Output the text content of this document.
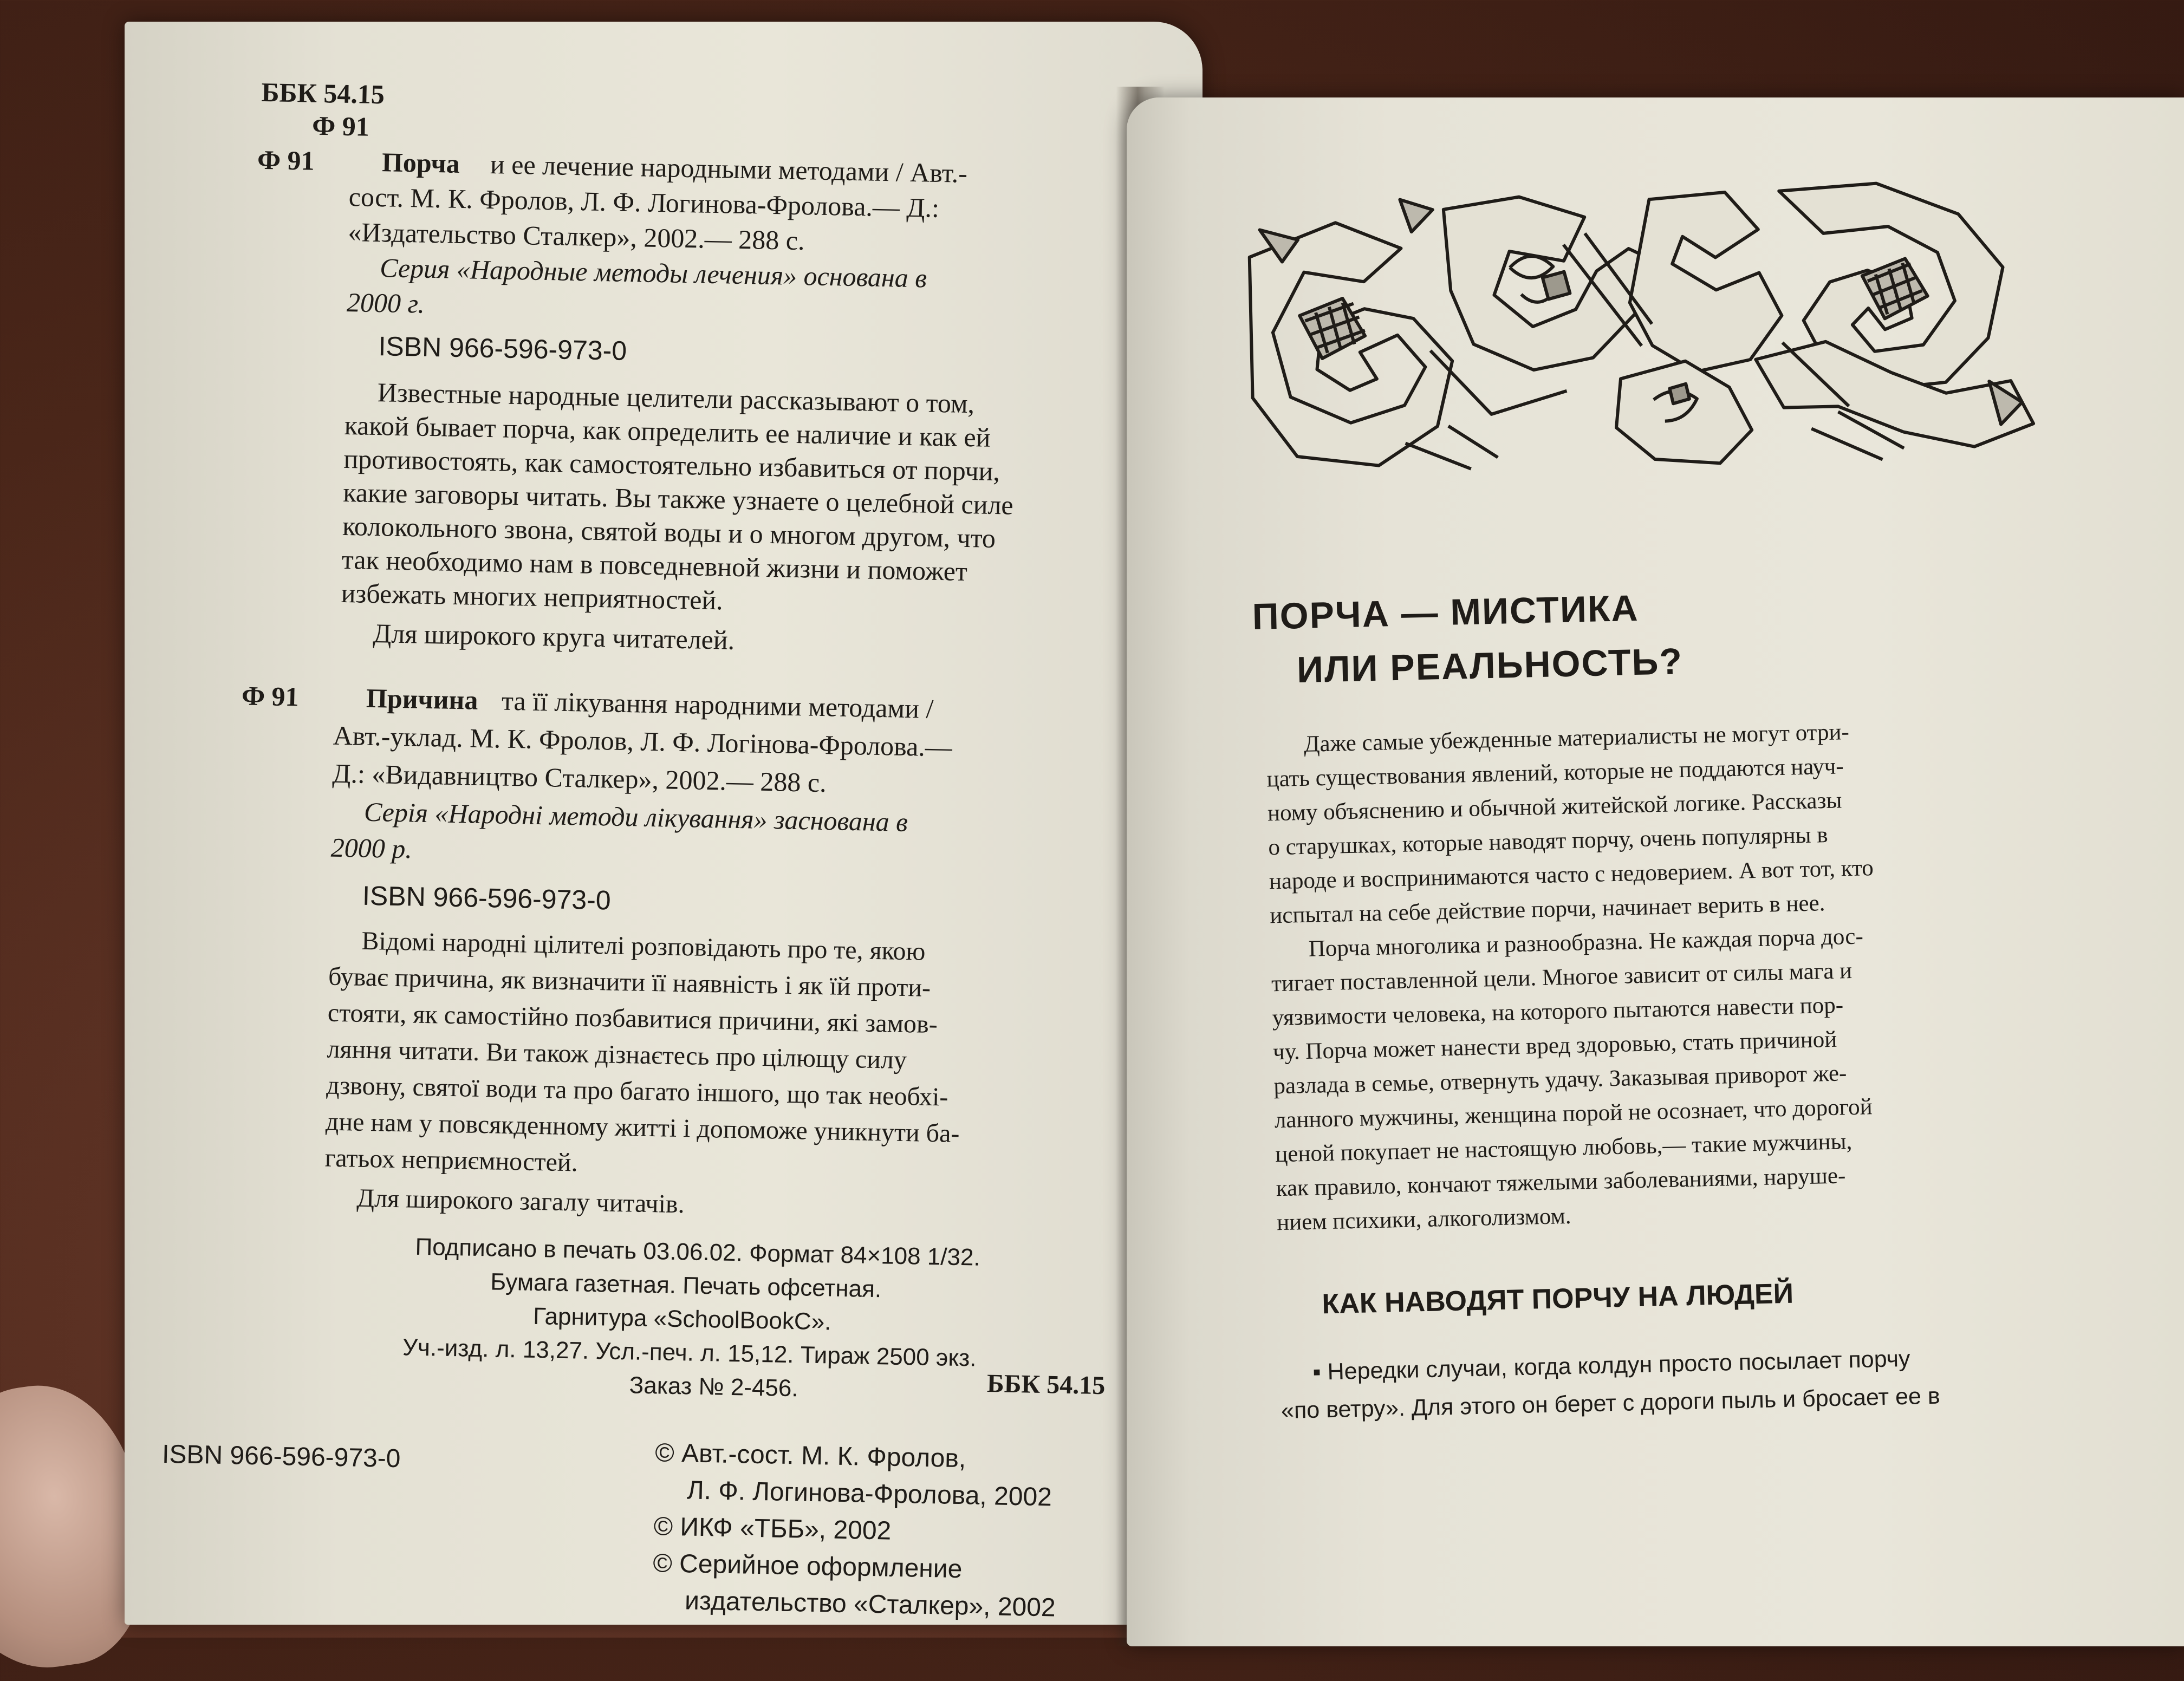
ББК 54.15
Ф 91
Ф 91 Порча и ее лечение народными методами / Авт.-
сост. М. К. Фролов, Л. Ф. Логинова-Фролова.— Д.:
«Издательство Сталкер», 2002.— 288 с.
Серия «Народные методы лечения» основана в
2000 г.
ISBN 966-596-973-0
Известные народные целители рассказывают о том,
какой бывает порча, как определить ее наличие и как ей
противостоять, как самостоятельно избавиться от порчи,
какие заговоры читать. Вы также узнаете о целебной силе
колокольного звона, святой воды и о многом другом, что
так необходимо нам в повседневной жизни и поможет
избежать многих неприятностей.
Для широкого круга читателей.
Ф 91 Причина та її лікування народними методами /
Авт.-уклад. М. К. Фролов, Л. Ф. Логінова-Фролова.—
Д.: «Видавництво Сталкер», 2002.— 288 с.
Серія «Народні методи лікування» заснована в
2000 р.
ISBN 966-596-973-0
Відомі народні цілителі розповідають про те, якою
буває причина, як визначити її наявність і як їй проти-
стояти, як самостійно позбавитися причини, які замов-
ляння читати. Ви також дізнаєтесь про цілющу силу
дзвону, святої води та про багато іншого, що так необхі-
дне нам у повсякденному житті і допоможе уникнути ба-
гатьох неприємностей.
Для широкого загалу читачів.
Подписано в печать 03.06.02. Формат 84×108 1/32.
Бумага газетная. Печать офсетная.
Гарнитура «SchoolBookC».
Уч.-изд. л. 13,27. Усл.-печ. л. 15,12. Тираж 2500 экз.
Заказ № 2-456.	ББК 54.15
ISBN 966-596-973-0	© Авт.-сост. М. К. Фролов,
Л. Ф. Логинова-Фролова, 2002
© ИКФ «ТББ», 2002
© Серийное оформление
издательство «Сталкер», 2002
ПОРЧА — МИСТИКА
ИЛИ РЕАЛЬНОСТЬ?
Даже самые убежденные материалисты не могут отри-
цать существования явлений, которые не поддаются науч-
ному объяснению и обычной житейской логике. Рассказы
о старушках, которые наводят порчу, очень популярны в
народе и воспринимаются часто с недоверием. А вот тот, кто
испытал на себе действие порчи, начинает верить в нее.
Порча многолика и разнообразна. Не каждая порча дос-
тигает поставленной цели. Многое зависит от силы мага и
уязвимости человека, на которого пытаются навести пор-
чу. Порча может нанести вред здоровью, стать причиной
разлада в семье, отвернуть удачу. Заказывая приворот же-
ланного мужчины, женщина порой не осознает, что дорогой
ценой покупает не настоящую любовь,— такие мужчины,
как правило, кончают тяжелыми заболеваниями, наруше-
нием психики, алкоголизмом.
КАК НАВОДЯТ ПОРЧУ НА ЛЮДЕЙ
▪ Нередки случаи, когда колдун просто посылает порчу
«по ветру». Для этого он берет с дороги пыль и бросает ее в
